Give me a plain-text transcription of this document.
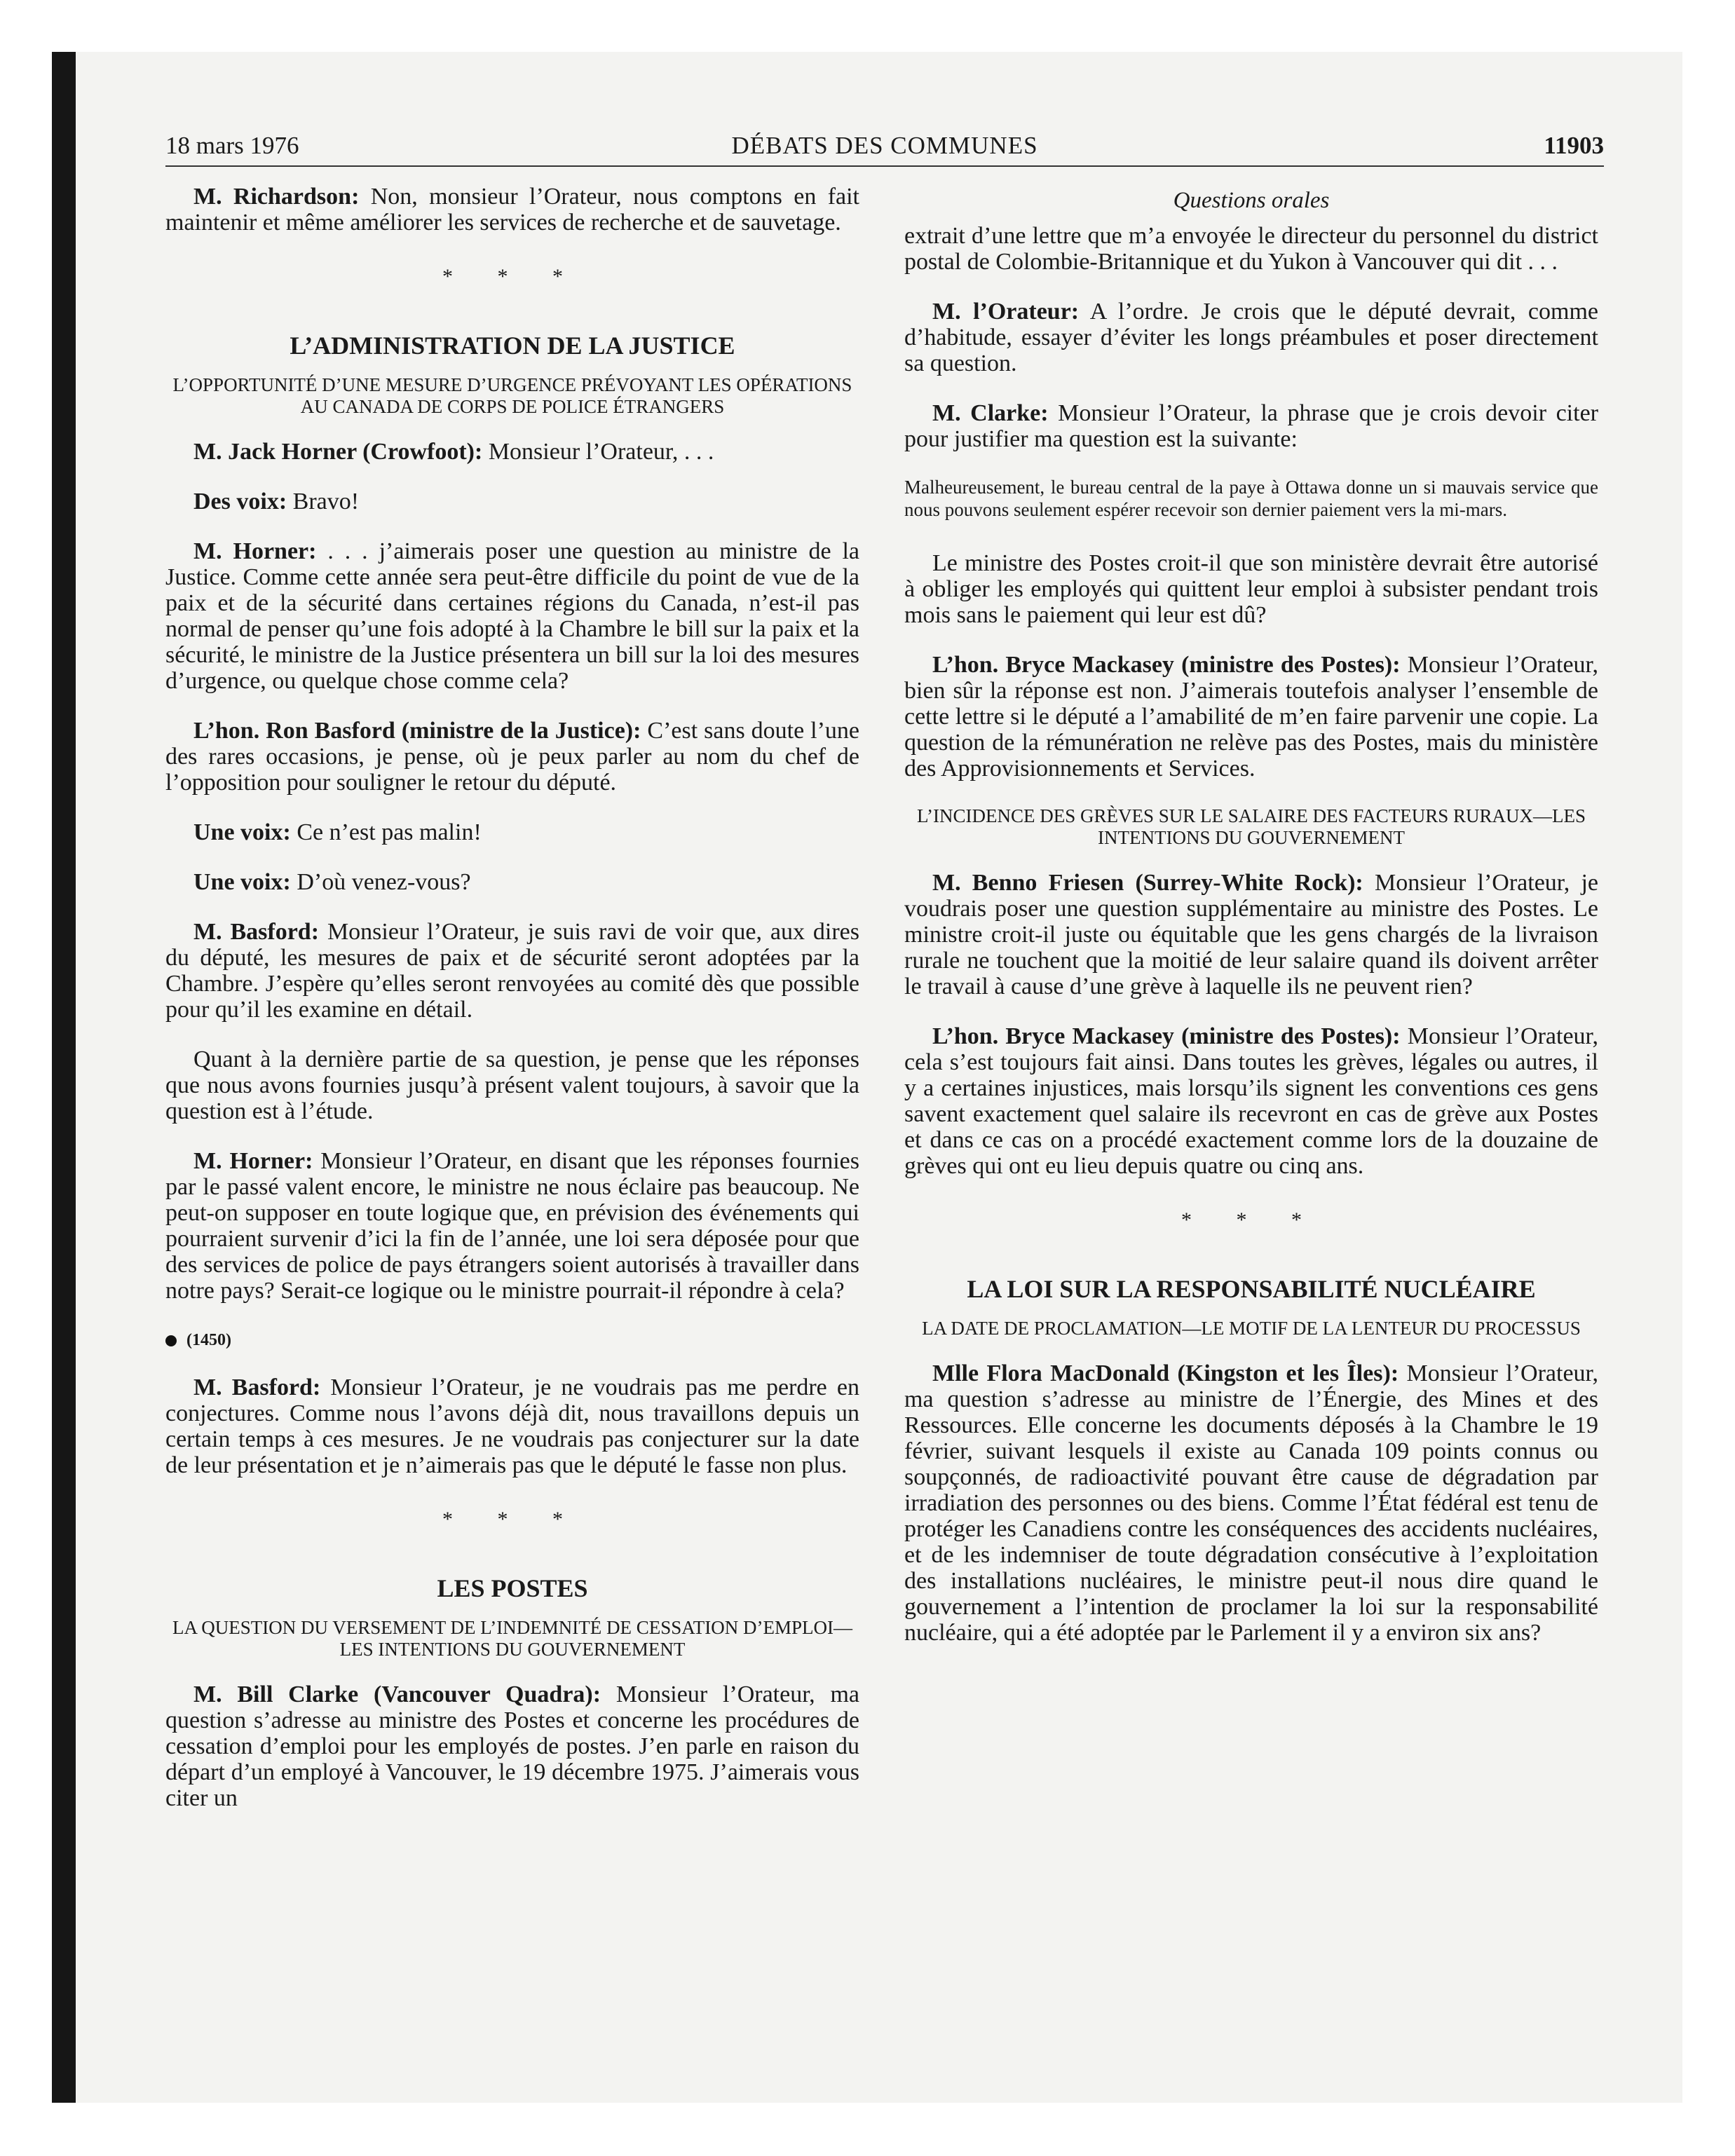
18 mars 1976	DÉBATS DES COMMUNES	11903
Questions orales

M. Richardson: Non, monsieur l’Orateur, nous comptons en fait maintenir et même améliorer les services de recherche et de sauvetage.

* * *
L’ADMINISTRATION DE LA JUSTICE
L’OPPORTUNITÉ D’UNE MESURE D’URGENCE PRÉVOYANT LES OPÉRATIONS AU CANADA DE CORPS DE POLICE ÉTRANGERS

M. Jack Horner (Crowfoot): Monsieur l’Orateur, . . .

Des voix: Bravo!

M. Horner: . . . j’aimerais poser une question au ministre de la Justice. Comme cette année sera peut-être difficile du point de vue de la paix et de la sécurité dans certaines régions du Canada, n’est-il pas normal de penser qu’une fois adopté à la Chambre le bill sur la paix et la sécurité, le ministre de la Justice présentera un bill sur la loi des mesures d’urgence, ou quelque chose comme cela?

L’hon. Ron Basford (ministre de la Justice): C’est sans doute l’une des rares occasions, je pense, où je peux parler au nom du chef de l’opposition pour souligner le retour du député.

Une voix: Ce n’est pas malin!

Une voix: D’où venez-vous?

M. Basford: Monsieur l’Orateur, je suis ravi de voir que, aux dires du député, les mesures de paix et de sécurité seront adoptées par la Chambre. J’espère qu’elles seront renvoyées au comité dès que possible pour qu’il les examine en détail.

Quant à la dernière partie de sa question, je pense que les réponses que nous avons fournies jusqu’à présent valent toujours, à savoir que la question est à l’étude.

M. Horner: Monsieur l’Orateur, en disant que les réponses fournies par le passé valent encore, le ministre ne nous éclaire pas beaucoup. Ne peut-on supposer en toute logique que, en prévision des événements qui pourraient survenir d’ici la fin de l’année, une loi sera déposée pour que des services de police de pays étrangers soient autorisés à travailler dans notre pays? Serait-ce logique ou le ministre pourrait-il répondre à cela?

(1450)

M. Basford: Monsieur l’Orateur, je ne voudrais pas me perdre en conjectures. Comme nous l’avons déjà dit, nous travaillons depuis un certain temps à ces mesures. Je ne voudrais pas conjecturer sur la date de leur présentation et je n’aimerais pas que le député le fasse non plus.

* * *
LES POSTES
LA QUESTION DU VERSEMENT DE L’INDEMNITÉ DE CESSATION D’EMPLOI—LES INTENTIONS DU GOUVERNEMENT

M. Bill Clarke (Vancouver Quadra): Monsieur l’Orateur, ma question s’adresse au ministre des Postes et concerne les procédures de cessation d’emploi pour les employés de postes. J’en parle en raison du départ d’un employé à Vancouver, le 19 décembre 1975. J’aimerais vous citer un

extrait d’une lettre que m’a envoyée le directeur du personnel du district postal de Colombie-Britannique et du Yukon à Vancouver qui dit . . .

M. l’Orateur: A l’ordre. Je crois que le député devrait, comme d’habitude, essayer d’éviter les longs préambules et poser directement sa question.

M. Clarke: Monsieur l’Orateur, la phrase que je crois devoir citer pour justifier ma question est la suivante:

Malheureusement, le bureau central de la paye à Ottawa donne un si mauvais service que nous pouvons seulement espérer recevoir son dernier paiement vers la mi-mars.

Le ministre des Postes croit-il que son ministère devrait être autorisé à obliger les employés qui quittent leur emploi à subsister pendant trois mois sans le paiement qui leur est dû?

L’hon. Bryce Mackasey (ministre des Postes): Monsieur l’Orateur, bien sûr la réponse est non. J’aimerais toutefois analyser l’ensemble de cette lettre si le député a l’amabilité de m’en faire parvenir une copie. La question de la rémunération ne relève pas des Postes, mais du ministère des Approvisionnements et Services.

L’INCIDENCE DES GRÈVES SUR LE SALAIRE DES FACTEURS RURAUX—LES INTENTIONS DU GOUVERNEMENT

M. Benno Friesen (Surrey-White Rock): Monsieur l’Orateur, je voudrais poser une question supplémentaire au ministre des Postes. Le ministre croit-il juste ou équitable que les gens chargés de la livraison rurale ne touchent que la moitié de leur salaire quand ils doivent arrêter le travail à cause d’une grève à laquelle ils ne peuvent rien?

L’hon. Bryce Mackasey (ministre des Postes): Monsieur l’Orateur, cela s’est toujours fait ainsi. Dans toutes les grèves, légales ou autres, il y a certaines injustices, mais lorsqu’ils signent les conventions ces gens savent exactement quel salaire ils recevront en cas de grève aux Postes et dans ce cas on a procédé exactement comme lors de la douzaine de grèves qui ont eu lieu depuis quatre ou cinq ans.

* * *
LA LOI SUR LA RESPONSABILITÉ NUCLÉAIRE
LA DATE DE PROCLAMATION—LE MOTIF DE LA LENTEUR DU PROCESSUS

Mlle Flora MacDonald (Kingston et les Îles): Monsieur l’Orateur, ma question s’adresse au ministre de l’Énergie, des Mines et des Ressources. Elle concerne les documents déposés à la Chambre le 19 février, suivant lesquels il existe au Canada 109 points connus ou soupçonnés, de radioactivité pouvant être cause de dégradation par irradiation des personnes ou des biens. Comme l’État fédéral est tenu de protéger les Canadiens contre les conséquences des accidents nucléaires, et de les indemniser de toute dégradation consécutive à l’exploitation des installations nucléaires, le ministre peut-il nous dire quand le gouvernement a l’intention de proclamer la loi sur la responsabilité nucléaire, qui a été adoptée par le Parlement il y a environ six ans?
